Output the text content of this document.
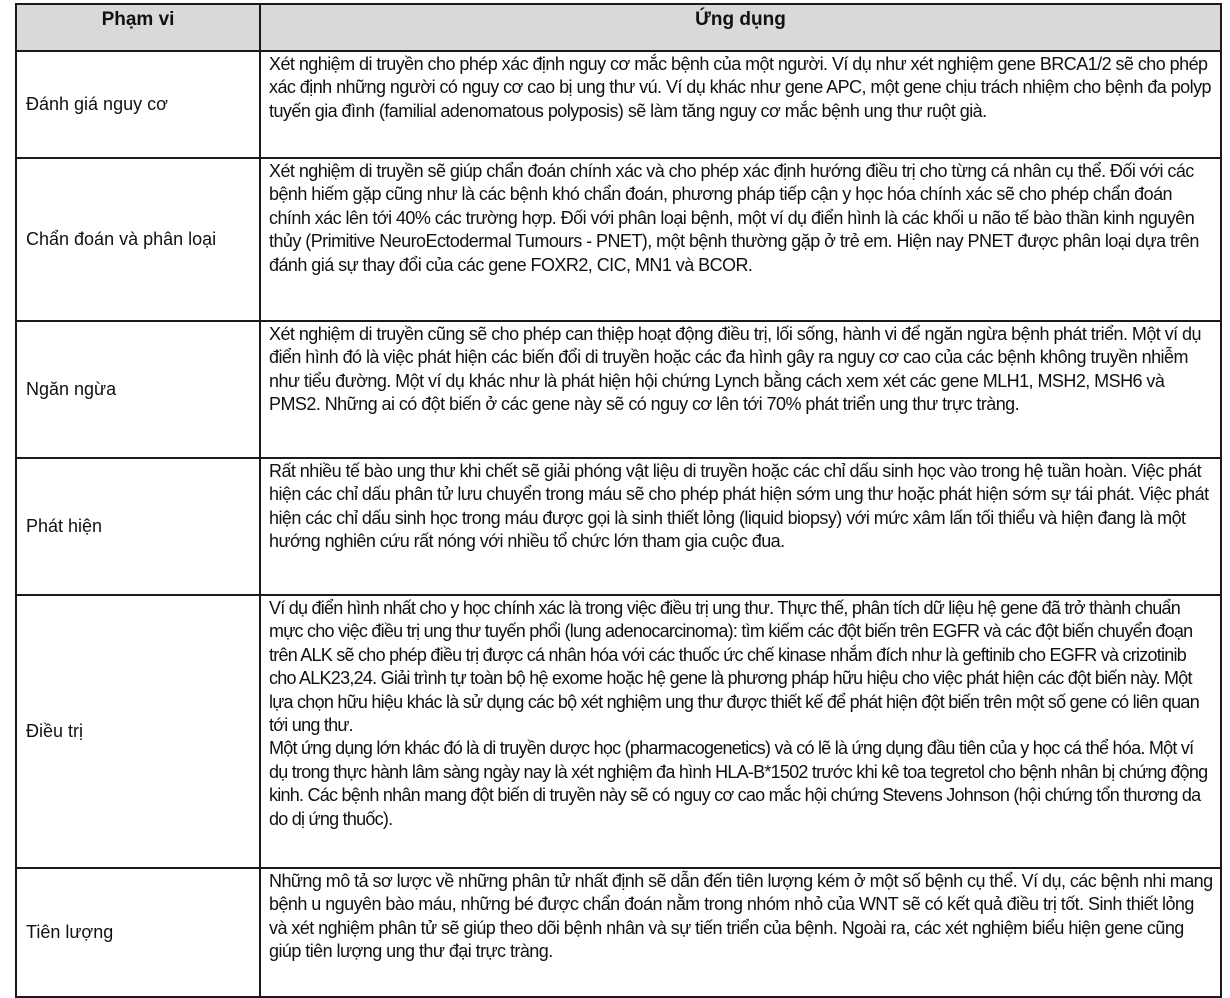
Phạm vi	Ứng dụng
Đánh giá nguy cơ	Xét nghiệm di truyền cho phép xác định nguy cơ mắc bệnh của một người. Ví dụ như xét nghiệm gene BRCA1/2 sẽ cho phép xác định những người có nguy cơ cao bị ung thư vú. Ví dụ khác như gene APC, một gene chịu trách nhiệm cho bệnh đa polyp tuyến gia đình (familial adenomatous polyposis) sẽ làm tăng nguy cơ mắc bệnh ung thư ruột già.

Chẩn đoán và phân loại	Xét nghiệm di truyền sẽ giúp chẩn đoán chính xác và cho phép xác định hướng điều trị cho từng cá nhân cụ thể. Đối với các bệnh hiếm gặp cũng như là các bệnh khó chẩn đoán, phương pháp tiếp cận y học hóa chính xác sẽ cho phép chẩn đoán chính xác lên tới 40% các trường hợp. Đối với phân loại bệnh, một ví dụ điển hình là các khối u não tế bào thần kinh nguyên thủy (Primitive NeuroEctodermal Tumours - PNET), một bệnh thường gặp ở trẻ em. Hiện nay PNET được phân loại dựa trên đánh giá sự thay đổi của các gene FOXR2, CIC, MN1 và BCOR.

Ngăn ngừa	Xét nghiệm di truyền cũng sẽ cho phép can thiệp hoạt động điều trị, lối sống, hành vi để ngăn ngừa bệnh phát triển. Một ví dụ điển hình đó là việc phát hiện các biến đổi di truyền hoặc các đa hình gây ra nguy cơ cao của các bệnh không truyền nhiễm như tiểu đường. Một ví dụ khác như là phát hiện hội chứng Lynch bằng cách xem xét các gene MLH1, MSH2, MSH6 và PMS2. Những ai có đột biến ở các gene này sẽ có nguy cơ lên tới 70% phát triển ung thư trực tràng.

Phát hiện	Rất nhiều tế bào ung thư khi chết sẽ giải phóng vật liệu di truyền hoặc các chỉ dấu sinh học vào trong hệ tuần hoàn. Việc phát hiện các chỉ dấu phân tử lưu chuyển trong máu sẽ cho phép phát hiện sớm ung thư hoặc phát hiện sớm sự tái phát. Việc phát hiện các chỉ dấu sinh học trong máu được gọi là sinh thiết lỏng (liquid biopsy) với mức xâm lấn tối thiểu và hiện đang là một hướng nghiên cứu rất nóng với nhiều tổ chức lớn tham gia cuộc đua.

Điều trị	Ví dụ điển hình nhất cho y học chính xác là trong việc điều trị ung thư. Thực thế, phân tích dữ liệu hệ gene đã trở thành chuẩn mực cho việc điều trị ung thư tuyến phổi (lung adenocarcinoma): tìm kiếm các đột biến trên EGFR và các đột biến chuyển đoạn trên ALK sẽ cho phép điều trị được cá nhân hóa với các thuốc ức chế kinase nhắm đích như là geftinib cho EGFR và crizotinib cho ALK23,24. Giải trình tự toàn bộ hệ exome hoặc hệ gene là phương pháp hữu hiệu cho việc phát hiện các đột biến này. Một lựa chọn hữu hiệu khác là sử dụng các bộ xét nghiệm ung thư được thiết kế để phát hiện đột biến trên một số gene có liên quan tới ung thư.

Một ứng dụng lớn khác đó là di truyền dược học (pharmacogenetics) và có lẽ là ứng dụng đầu tiên của y học cá thể hóa. Một ví dụ trong thực hành lâm sàng ngày nay là xét nghiệm đa hình HLA-B*1502 trước khi kê toa tegretol cho bệnh nhân bị chứng động kinh. Các bệnh nhân mang đột biến di truyền này sẽ có nguy cơ cao mắc hội chứng Stevens Johnson (hội chứng tổn thương da do dị ứng thuốc).

Tiên lượng	Những mô tả sơ lược về những phân tử nhất định sẽ dẫn đến tiên lượng kém ở một số bệnh cụ thể. Ví dụ, các bệnh nhi mang bệnh u nguyên bào máu, những bé được chẩn đoán nằm trong nhóm nhỏ của WNT sẽ có kết quả điều trị tốt. Sinh thiết lỏng và xét nghiệm phân tử sẽ giúp theo dõi bệnh nhân và sự tiến triển của bệnh. Ngoài ra, các xét nghiệm biểu hiện gene cũng giúp tiên lượng ung thư đại trực tràng.
